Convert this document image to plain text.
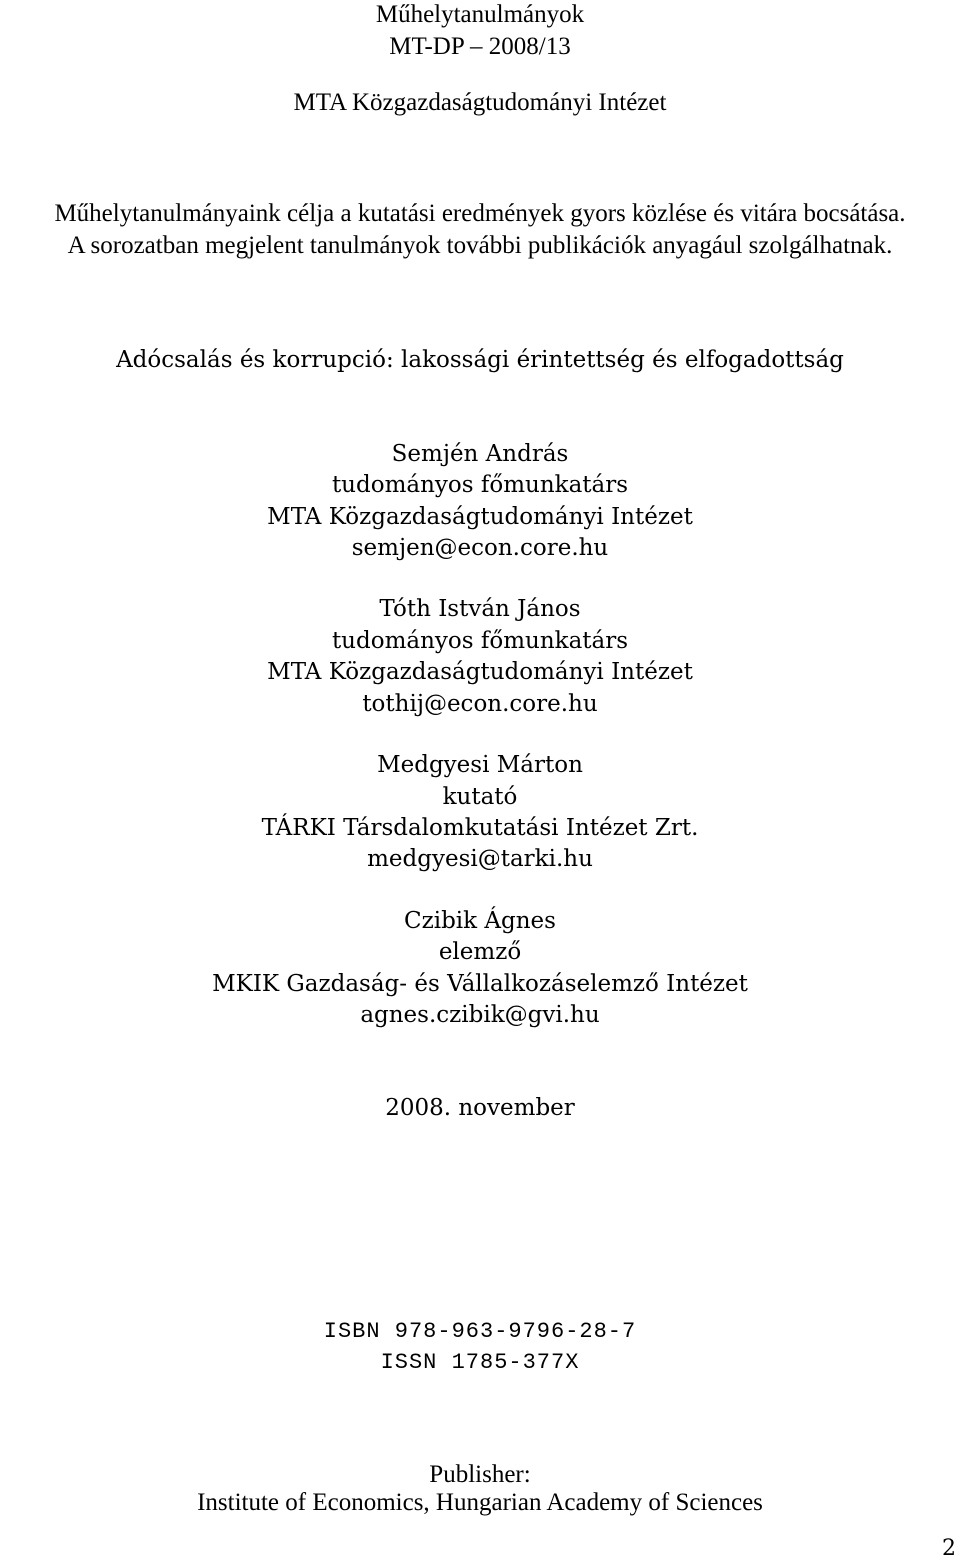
Műhelytanulmányok
MT-DP – 2008/13
MTA Közgazdaságtudományi Intézet
Műhelytanulmányaink célja a kutatási eredmények gyors közlése és vitára bocsátása.
A sorozatban megjelent tanulmányok további publikációk anyagául szolgálhatnak.
Adócsalás és korrupció: lakossági érintettség és elfogadottság
Semjén András
tudományos főmunkatárs
MTA Közgazdaságtudományi Intézet
semjen@econ.core.hu
Tóth István János
tudományos főmunkatárs
MTA Közgazdaságtudományi Intézet
tothij@econ.core.hu
Medgyesi Márton
kutató
TÁRKI Társdalomkutatási Intézet Zrt.
medgyesi@tarki.hu
Czibik Ágnes
elemző
MKIK Gazdaság- és Vállalkozáselemző Intézet
agnes.czibik@gvi.hu
2008. november
ISBN 978-963-9796-28-7
ISSN 1785-377X
Publisher:
Institute of Economics, Hungarian Academy of Sciences
2
